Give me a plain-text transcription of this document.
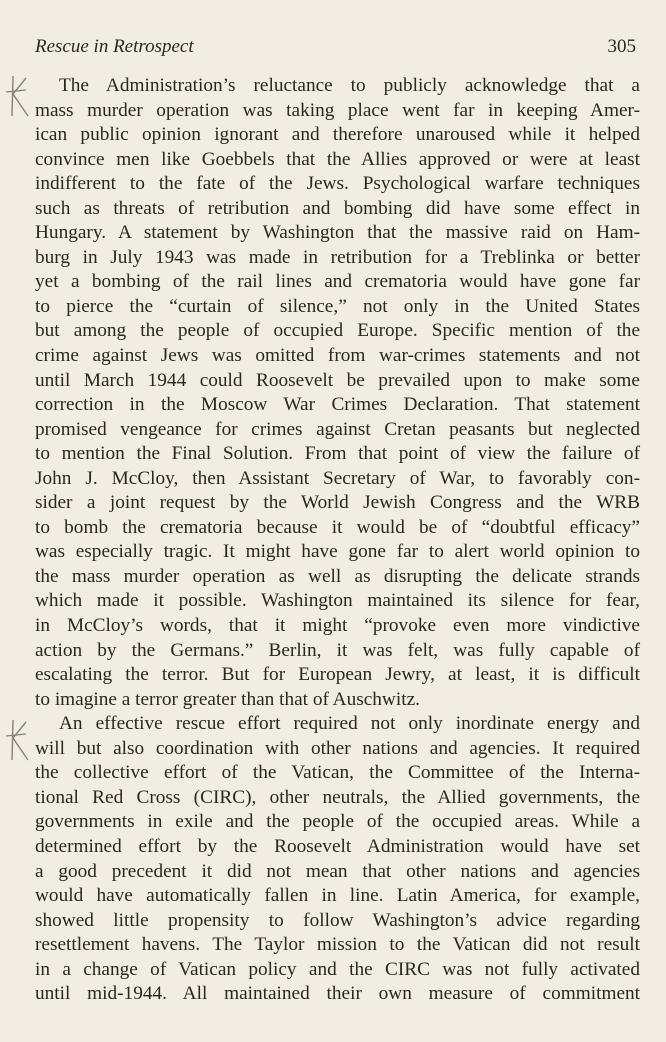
Rescue in Retrospect	305
The Administration’s reluctance to publicly acknowledge that a
mass murder operation was taking place went far in keeping Amer-
ican public opinion ignorant and therefore unaroused while it helped
convince men like Goebbels that the Allies approved or were at least
indifferent to the fate of the Jews. Psychological warfare techniques
such as threats of retribution and bombing did have some effect in
Hungary. A statement by Washington that the massive raid on Ham-
burg in July 1943 was made in retribution for a Treblinka or better
yet a bombing of the rail lines and crematoria would have gone far
to pierce the “curtain of silence,” not only in the United States
but among the people of occupied Europe. Specific mention of the
crime against Jews was omitted from war-crimes statements and not
until March 1944 could Roosevelt be prevailed upon to make some
correction in the Moscow War Crimes Declaration. That statement
promised vengeance for crimes against Cretan peasants but neglected
to mention the Final Solution. From that point of view the failure of
John J. McCloy, then Assistant Secretary of War, to favorably con-
sider a joint request by the World Jewish Congress and the WRB
to bomb the crematoria because it would be of “doubtful efficacy”
was especially tragic. It might have gone far to alert world opinion to
the mass murder operation as well as disrupting the delicate strands
which made it possible. Washington maintained its silence for fear,
in McCloy’s words, that it might “provoke even more vindictive
action by the Germans.” Berlin, it was felt, was fully capable of
escalating the terror. But for European Jewry, at least, it is difficult
to imagine a terror greater than that of Auschwitz.
An effective rescue effort required not only inordinate energy and
will but also coordination with other nations and agencies. It required
the collective effort of the Vatican, the Committee of the Interna-
tional Red Cross (CIRC), other neutrals, the Allied governments, the
governments in exile and the people of the occupied areas. While a
determined effort by the Roosevelt Administration would have set
a good precedent it did not mean that other nations and agencies
would have automatically fallen in line. Latin America, for example,
showed little propensity to follow Washington’s advice regarding
resettlement havens. The Taylor mission to the Vatican did not result
in a change of Vatican policy and the CIRC was not fully activated
until mid-1944. All maintained their own measure of commitment
